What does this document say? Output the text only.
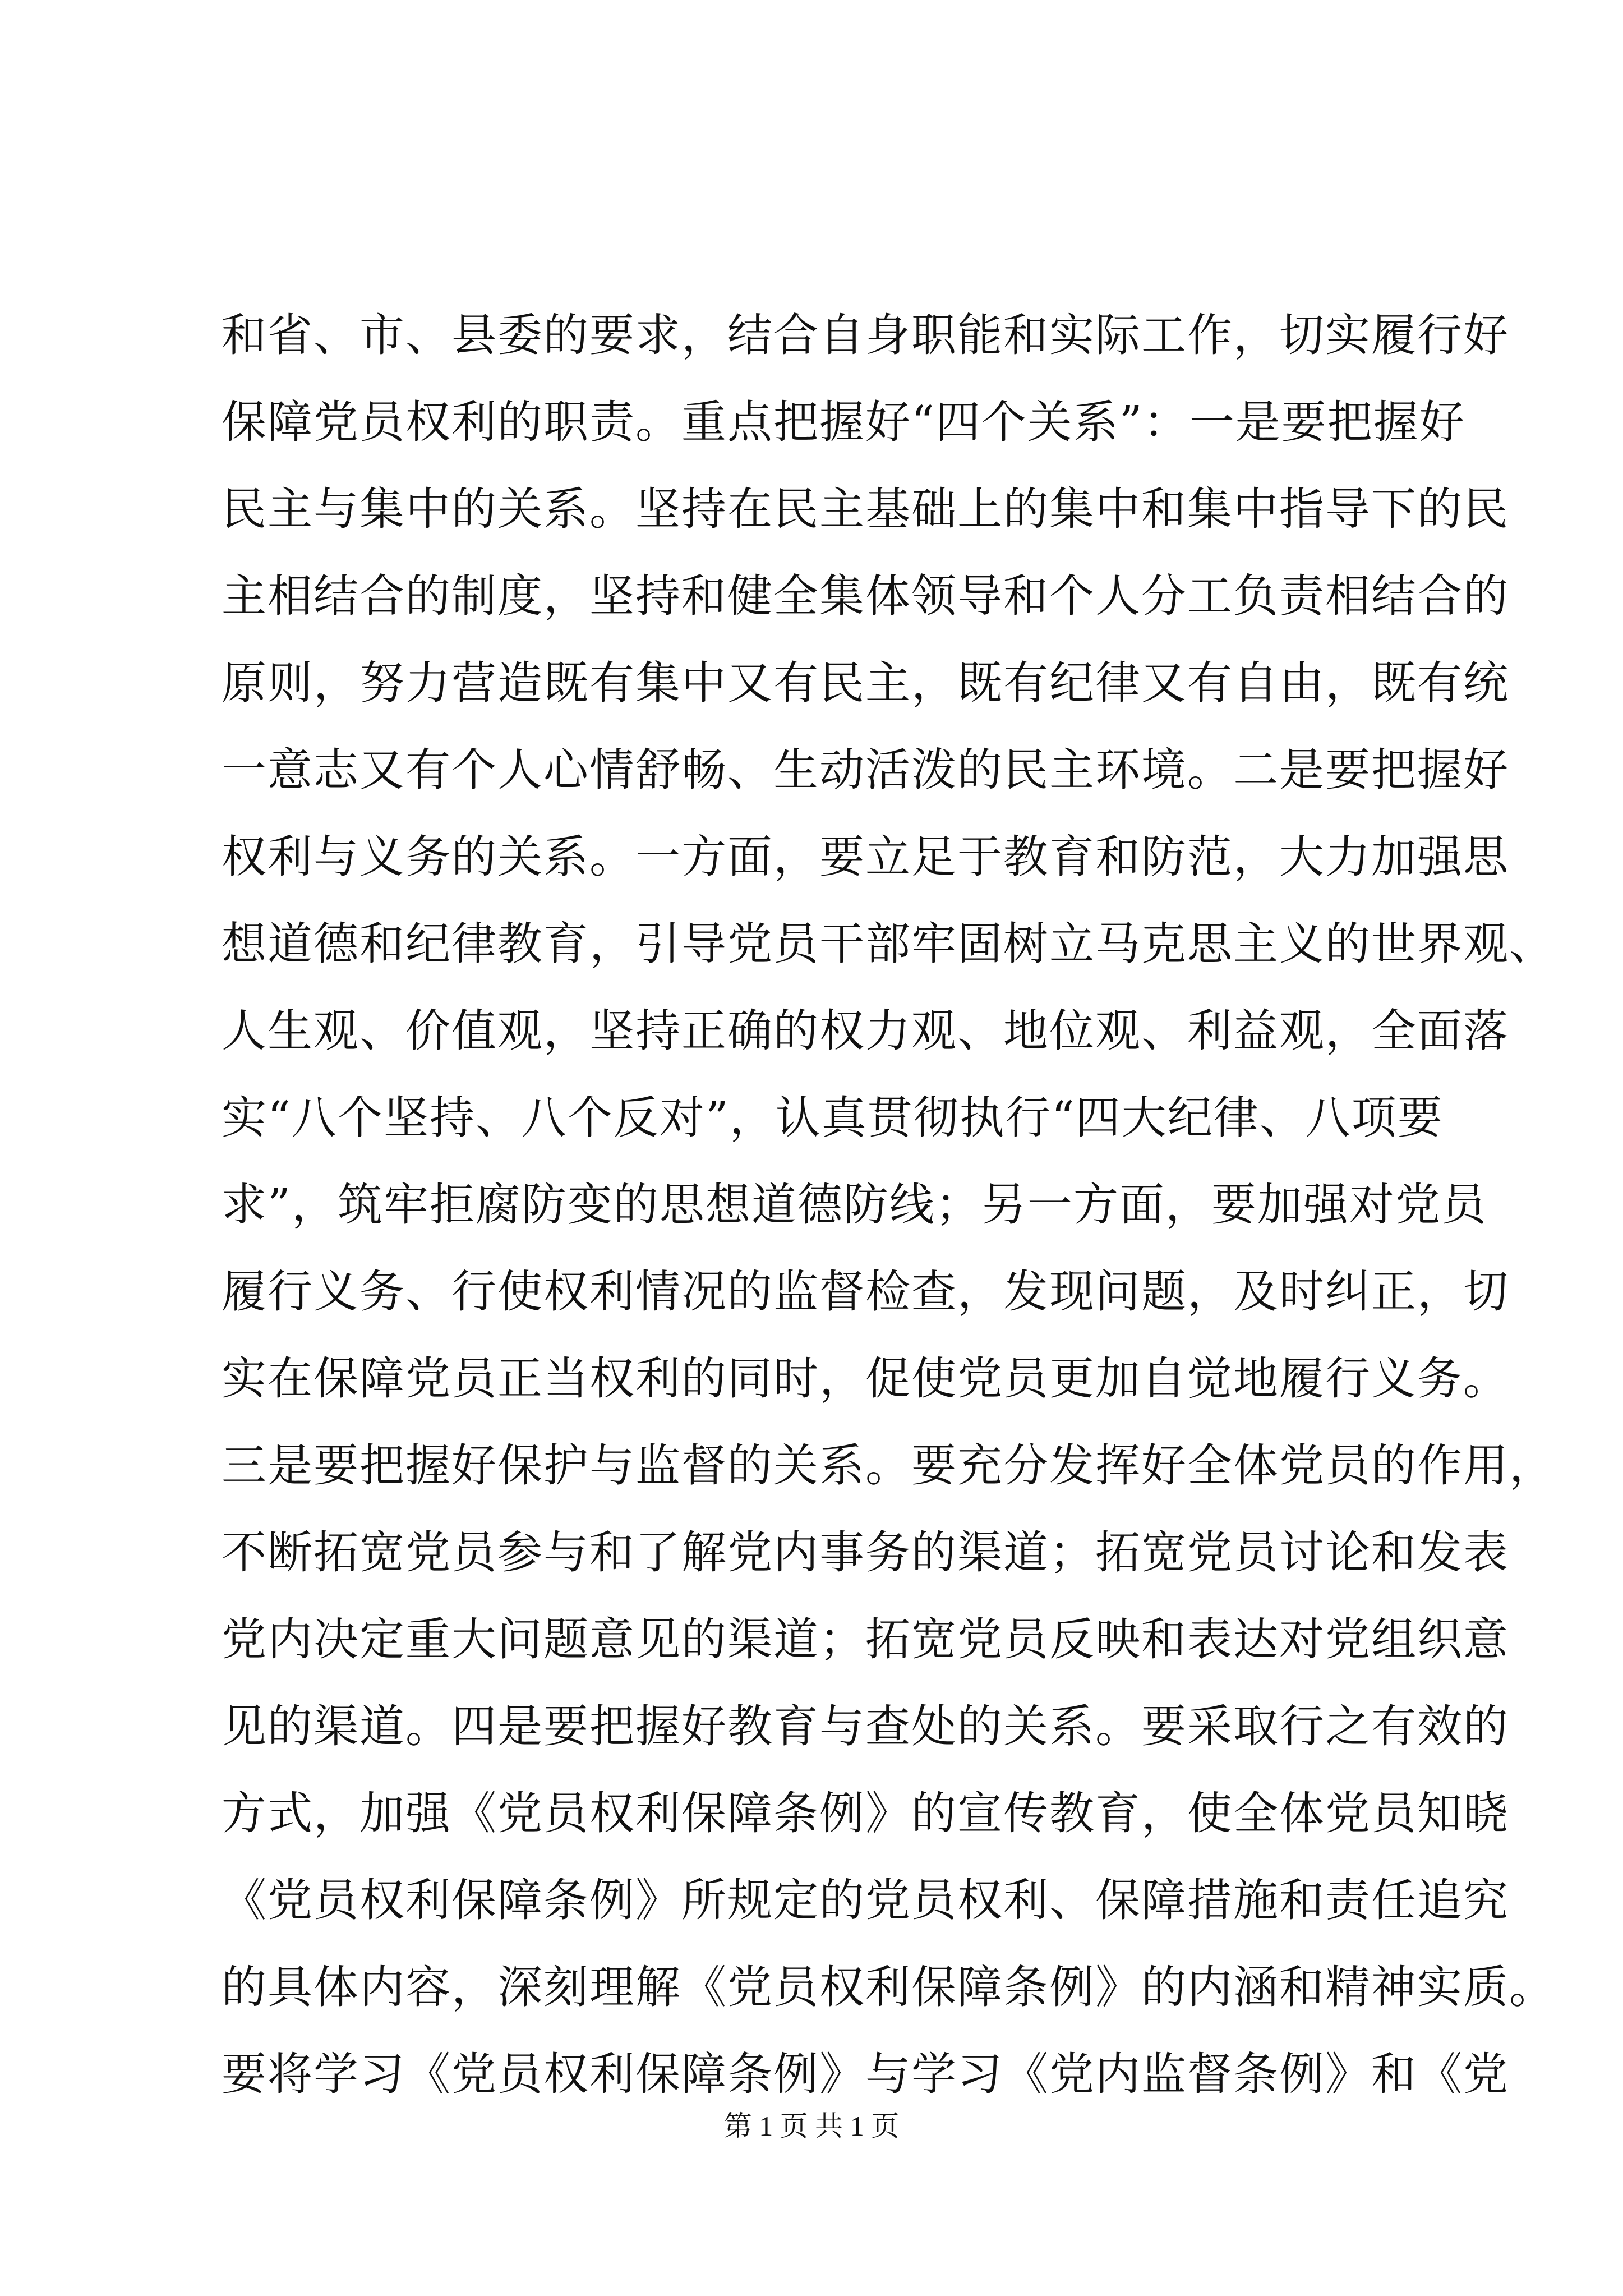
和省、市、县委的要求，结合自身职能和实际工作，切实履行好
保障党员权利的职责。重点把握好“四个关系”：一是要把握好
民主与集中的关系。坚持在民主基础上的集中和集中指导下的民
主相结合的制度，坚持和健全集体领导和个人分工负责相结合的
原则，努力营造既有集中又有民主，既有纪律又有自由，既有统
一意志又有个人心情舒畅、生动活泼的民主环境。二是要把握好
权利与义务的关系。一方面，要立足于教育和防范，大力加强思
想道德和纪律教育，引导党员干部牢固树立马克思主义的世界观、
人生观、价值观，坚持正确的权力观、地位观、利益观，全面落
实“八个坚持、八个反对”，认真贯彻执行“四大纪律、八项要
求”，筑牢拒腐防变的思想道德防线；另一方面，要加强对党员
履行义务、行使权利情况的监督检查，发现问题，及时纠正，切
实在保障党员正当权利的同时，促使党员更加自觉地履行义务。
三是要把握好保护与监督的关系。要充分发挥好全体党员的作用，
不断拓宽党员参与和了解党内事务的渠道；拓宽党员讨论和发表
党内决定重大问题意见的渠道；拓宽党员反映和表达对党组织意
见的渠道。四是要把握好教育与查处的关系。要采取行之有效的
方式，加强《党员权利保障条例》的宣传教育，使全体党员知晓
《党员权利保障条例》所规定的党员权利、保障措施和责任追究
的具体内容，深刻理解《党员权利保障条例》的内涵和精神实质。
要将学习《党员权利保障条例》与学习《党内监督条例》和《党
第 1 页 共 1 页
